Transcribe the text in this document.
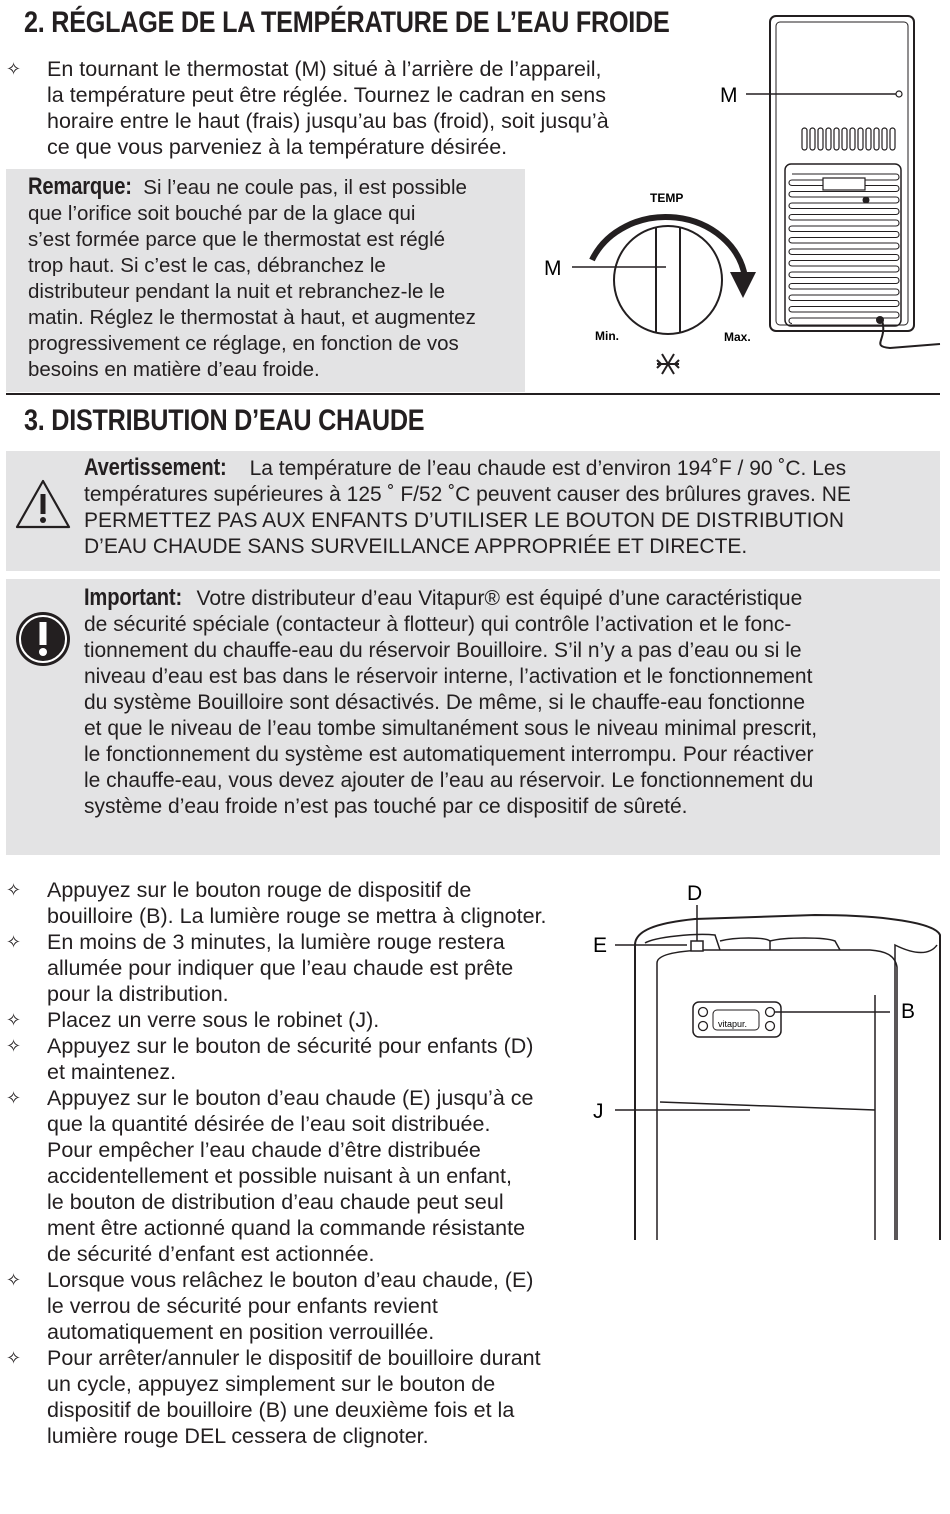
2. RÉGLAGE DE LA TEMPÉRATURE DE L’EAU FROIDE
✧
En tournant le thermostat (M) situé à l’arrière de l’appareil,
la température peut être réglée. Tournez le cadran en sens
horaire entre le haut (frais) jusqu’au bas (froid), soit jusqu’à
ce que vous parveniez à la température désirée.
Remarque: Si l’eau ne coule pas, il est possible
que l’orifice soit bouché par de la glace qui
s’est formée parce que le thermostat est réglé
trop haut. Si c’est le cas, débranchez le
distributeur pendant la nuit et rebranchez-le le
matin. Réglez le thermostat à haut, et augmentez
progressivement ce réglage, en fonction de vos
besoins en matière d’eau froide.
TEMP
M
Min.	Max.
M
3. DISTRIBUTION D’EAU CHAUDE
Avertissement: La température de l’eau chaude est d’environ 194˚F / 90 ˚C. Les
températures supérieures à 125 ˚ F/52 ˚C peuvent causer des brûlures graves. NE
PERMETTEZ PAS AUX ENFANTS D’UTILISER LE BOUTON DE DISTRIBUTION
D’EAU CHAUDE SANS SURVEILLANCE APPROPRIÉE ET DIRECTE.
Important: Votre distributeur d’eau Vitapur® est équipé d’une caractéristique
de sécurité spéciale (contacteur à flotteur) qui contrôle l’activation et le fonc-
tionnement du chauffe-eau du réservoir Bouilloire. S’il n’y a pas d’eau ou si le
niveau d’eau est bas dans le réservoir interne, l’activation et le fonctionnement
du système Bouilloire sont désactivés. De même, si le chauffe-eau fonctionne
et que le niveau de l’eau tombe simultanément sous le niveau minimal prescrit,
le fonctionnement du système est automatiquement interrompu. Pour réactiver
le chauffe-eau, vous devez ajouter de l’eau au réservoir. Le fonctionnement du
système d’eau froide n’est pas touché par ce dispositif de sûreté.
✧
Appuyez sur le bouton rouge de dispositif de
bouilloire (B). La lumière rouge se mettra à clignoter.
✧
En moins de 3 minutes, la lumière rouge restera
allumée pour indiquer que l’eau chaude est prête
pour la distribution.
✧
Placez un verre sous le robinet (J).
✧
Appuyez sur le bouton de sécurité pour enfants (D)
et maintenez.
✧
Appuyez sur le bouton d’eau chaude (E) jusqu’à ce
que la quantité désirée de l’eau soit distribuée.
Pour empêcher l’eau chaude d’être distribuée
accidentellement et possible nuisant à un enfant,
le bouton de distribution d’eau chaude peut seul
ment être actionné quand la commande résistante
de sécurité d’enfant est actionnée.
✧
Lorsque vous relâchez le bouton d’eau chaude, (E)
le verrou de sécurité pour enfants revient
automatiquement en position verrouillée.
✧
Pour arrêter/annuler le dispositif de bouilloire durant
un cycle, appuyez simplement sur le bouton de
dispositif de bouilloire (B) une deuxième fois et la
lumière rouge DEL cessera de clignoter.
D
E
vitapur.
B
J
